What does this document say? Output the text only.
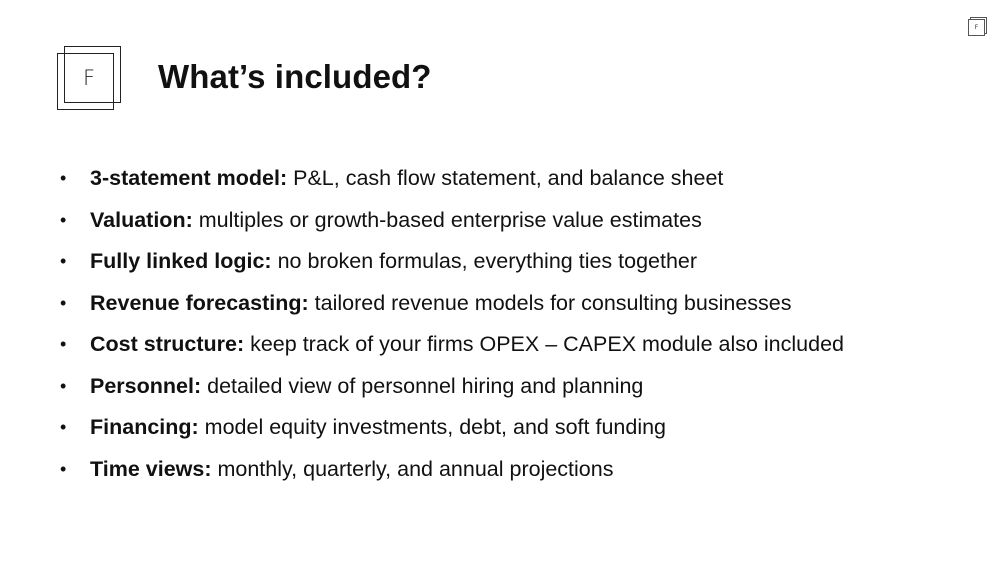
F
F
What’s included?
•	3-statement model: P&L, cash flow statement, and balance sheet
•	Valuation: multiples or growth-based enterprise value estimates
•	Fully linked logic: no broken formulas, everything ties together
•	Revenue forecasting: tailored revenue models for consulting businesses
•	Cost structure: keep track of your firms OPEX – CAPEX module also included
•	Personnel: detailed view of personnel hiring and planning
•	Financing: model equity investments, debt, and soft funding
•	Time views: monthly, quarterly, and annual projections
